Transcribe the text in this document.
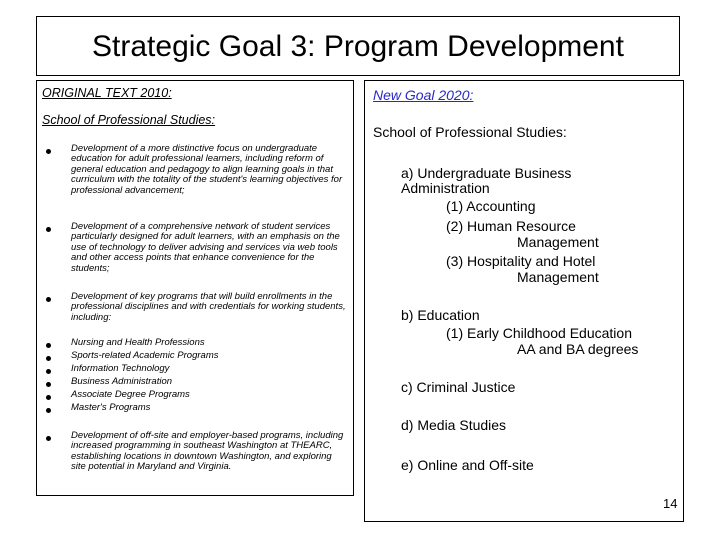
Strategic Goal 3: Program Development
ORIGINAL TEXT 2010:
School of Professional Studies:
Development of a more distinctive focus on undergraduate education for adult professional learners, including reform of general education and pedagogy to align learning goals in that curriculum with the totality of the student's learning objectives for professional advancement;
Development of a comprehensive network of student services particularly designed for adult learners, with an emphasis on the use of technology to deliver advising and services via web tools and other access points that enhance convenience for the students;
Development of key programs that will build enrollments in the professional disciplines and with credentials for working students, including:
Nursing and Health Professions
Sports-related Academic Programs
Information Technology
Business Administration
Associate Degree Programs
Master's Programs
Development of off-site and employer-based programs, including increased programming in southeast Washington at THEARC, establishing locations in downtown Washington, and exploring site potential in Maryland and Virginia.
New Goal 2020:
School of Professional Studies:
a) Undergraduate Business
Administration
(1) Accounting
(2) Human Resource
Management
(3) Hospitality and Hotel
Management
b) Education
(1) Early Childhood Education
AA and BA degrees
c) Criminal Justice
d) Media Studies
e) Online and Off-site
14
